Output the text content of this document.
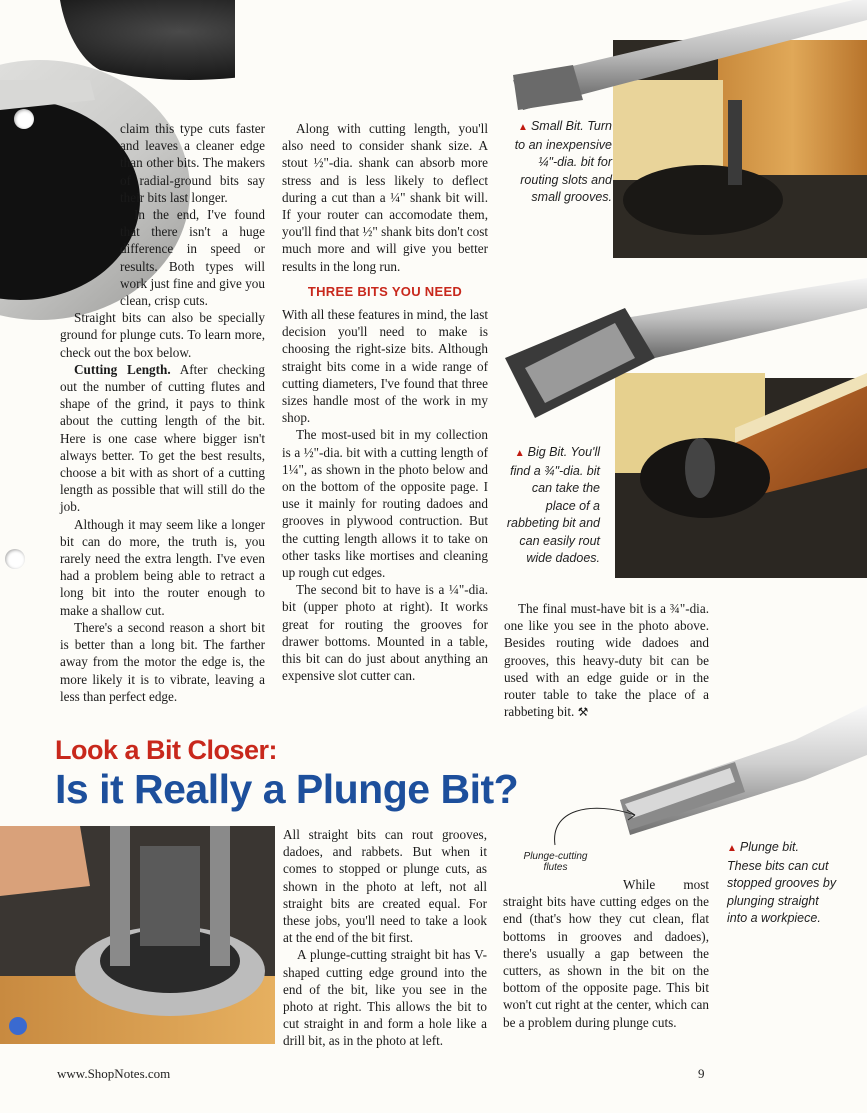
claim this type cuts faster and leaves a cleaner edge than other bits. The makers of radial-ground bits say their bits last longer.

In the end, I've found that there isn't a huge difference in speed or results. Both types will work just fine and give you clean, crisp cuts.

Straight bits can also be specially ground for plunge cuts. To learn more, check out the box below.

Cutting Length. After checking out the number of cutting flutes and shape of the grind, it pays to think about the cutting length of the bit. Here is one case where bigger isn't always better. To get the best results, choose a bit with as short of a cutting length as possible that will still do the job.

Although it may seem like a longer bit can do more, the truth is, you rarely need the extra length. I've even had a problem being able to retract a long bit into the router enough to make a shallow cut.

There's a second reason a short bit is better than a long bit. The farther away from the motor the edge is, the more likely it is to vibrate, leaving a less than perfect edge.

Along with cutting length, you'll also need to consider shank size. A stout ½"-dia. shank can absorb more stress and is less likely to deflect during a cut than a ¼" shank bit will. If your router can accomodate them, you'll find that ½" shank bits don't cost much more and will give you better results in the long run.

THREE BITS YOU NEED

With all these features in mind, the last decision you'll need to make is choosing the right-size bits. Although straight bits come in a wide range of cutting diameters, I've found that three sizes handle most of the work in my shop.

The most-used bit in my collection is a ½"-dia. bit with a cutting length of 1¼", as shown in the photo below and on the bottom of the opposite page. I use it mainly for routing dadoes and grooves in plywood contruction. But the cutting length allows it to take on other tasks like mortises and cleaning up rough cut edges.

The second bit to have is a ¼"-dia. bit (upper photo at right). It works great for routing the grooves for drawer bottoms. Mounted in a table, this bit can do just about anything an expensive slot cutter can.

▲ Small Bit. Turn to an inexpensive ¼"-dia. bit for routing slots and small grooves.
▲ Big Bit. You'll find a ¾"-dia. bit can take the place of a rabbeting bit and can easily rout wide dadoes.

The final must-have bit is a ¾"-dia. one like you see in the photo above. Besides routing wide dadoes and grooves, this heavy-duty bit can be used with an edge guide or in the router table to take the place of a rabbeting bit. ⚒

Look a Bit Closer:
Is it Really a Plunge Bit?
Plunge-cutting flutes

All straight bits can rout grooves, dadoes, and rabbets. But when it comes to stopped or plunge cuts, as shown in the photo at left, not all straight bits are created equal. For these jobs, you'll need to take a look at the end of the bit first.

A plunge-cutting straight bit has V-shaped cutting edge ground into the end of the bit, like you see in the photo at right. This allows the bit to cut straight in and form a hole like a drill bit, as in the photo at left.

While most straight bits have cutting edges on the end (that's how they cut clean, flat bottoms in grooves and dadoes), there's usually a gap between the cutters, as shown in the bit on the bottom of the opposite page. This bit won't cut right at the center, which can be a problem during plunge cuts.

▲ Plunge bit.
These bits can cut stopped grooves by plunging straight into a workpiece.
www.ShopNotes.com	9
